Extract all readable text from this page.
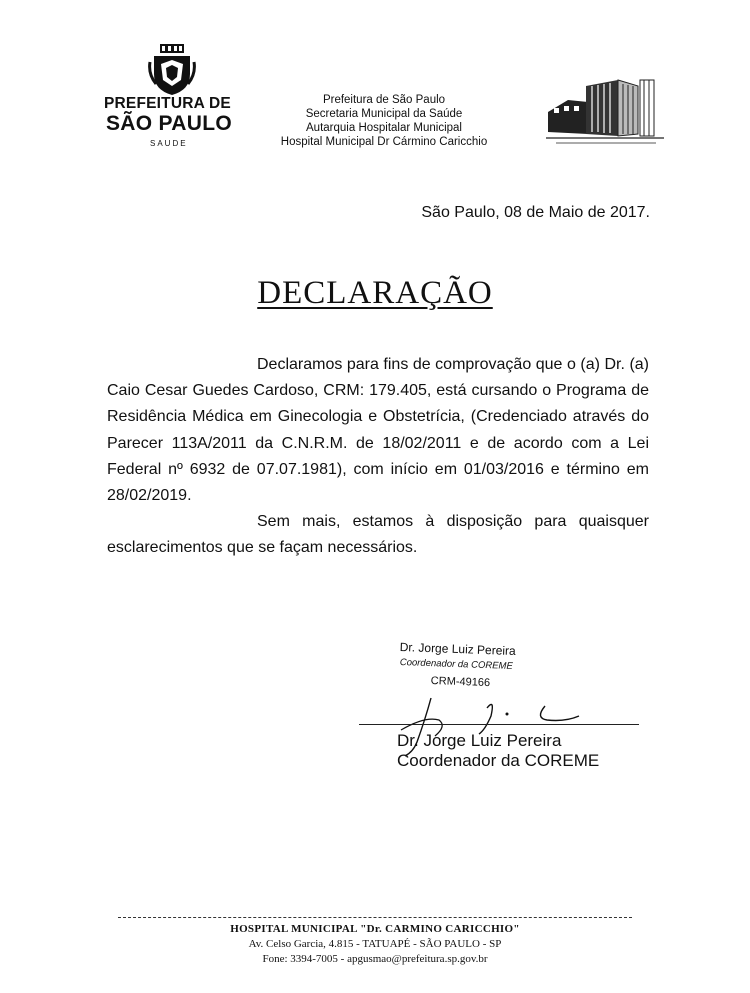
PREFEITURA DE
SÃO PAULO
SAUDE
Prefeitura de São Paulo
Secretaria Municipal da Saúde
Autarquia Hospitalar Municipal
Hospital Municipal Dr Cármino Caricchio
São Paulo, 08 de Maio de 2017.
DECLARAÇÃO

Declaramos para fins de comprovação que o (a) Dr. (a) Caio Cesar Guedes Cardoso, CRM: 179.405, está cursando o Programa de Residência Médica em Ginecologia e Obstetrícia, (Credenciado através do Parecer 113A/2011 da C.N.R.M. de 18/02/2011 e de acordo com a Lei Federal nº 6932 de 07.07.1981), com início em 01/03/2016 e término em 28/02/2019.

Sem mais, estamos à disposição para quaisquer esclarecimentos que se façam necessários.

Dr. Jorge Luiz Pereira
Coordenador da COREME
CRM-49166
Dr. Jorge Luiz Pereira
Coordenador da COREME
HOSPITAL MUNICIPAL "Dr. CARMINO CARICCHIO"
Av. Celso Garcia, 4.815 - TATUAPÉ - SÃO PAULO - SP
Fone: 3394-7005 - apgusmao@prefeitura.sp.gov.br
